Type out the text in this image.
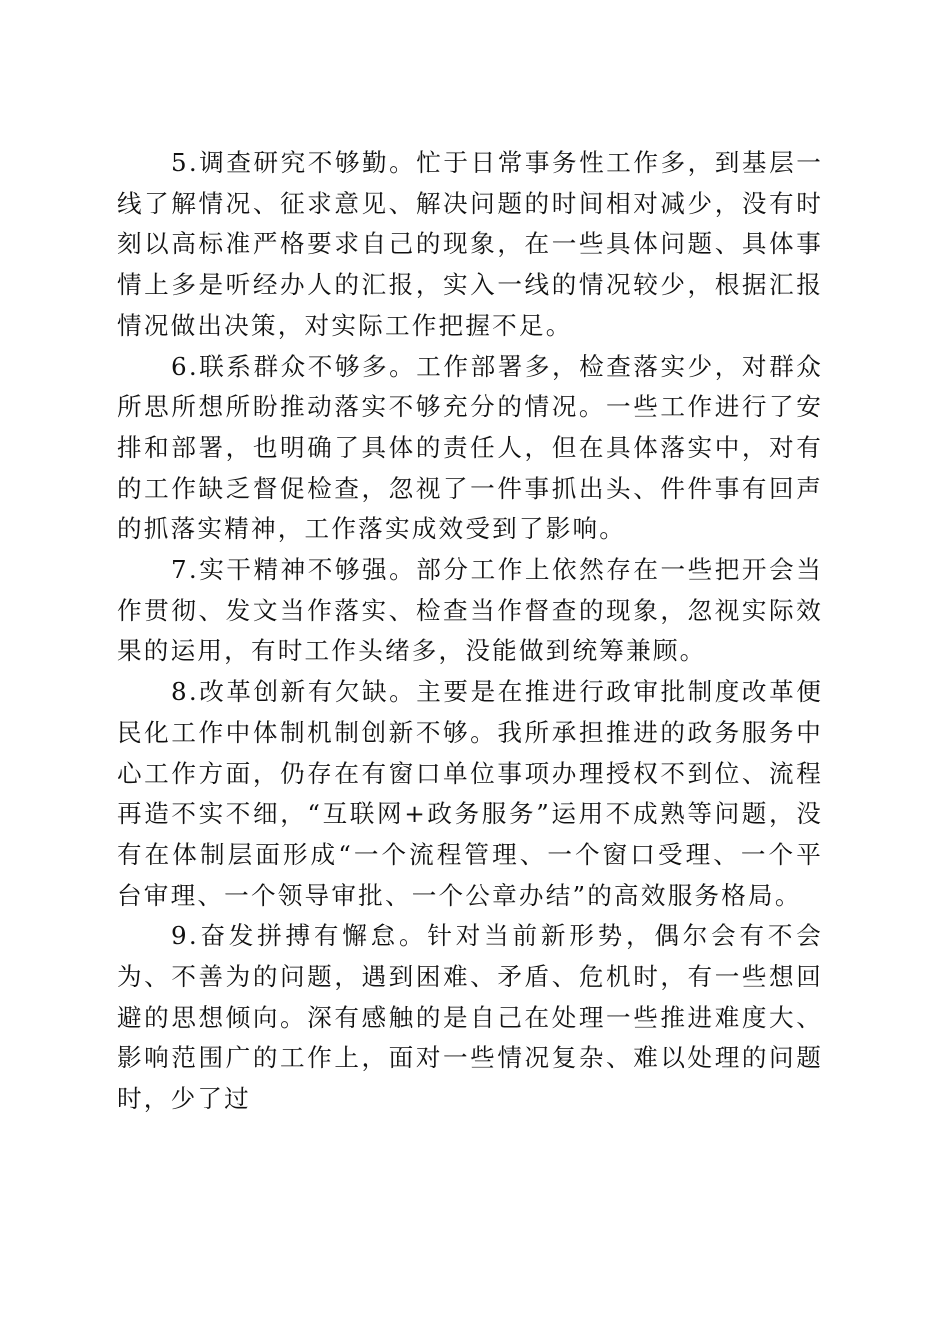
5.调查研究不够勤。忙于日常事务性工作多，到基层一线了解情况、征求意见、解决问题的时间相对减少，没有时刻以高标准严格要求自己的现象，在一些具体问题、具体事情上多是听经办人的汇报，实入一线的情况较少，根据汇报情况做出决策，对实际工作把握不足。

6.联系群众不够多。工作部署多，检查落实少，对群众所思所想所盼推动落实不够充分的情况。一些工作进行了安排和部署，也明确了具体的责任人，但在具体落实中，对有的工作缺乏督促检查，忽视了一件事抓出头、件件事有回声的抓落实精神，工作落实成效受到了影响。

7.实干精神不够强。部分工作上依然存在一些把开会当作贯彻、发文当作落实、检查当作督查的现象，忽视实际效果的运用，有时工作头绪多，没能做到统筹兼顾。

8.改革创新有欠缺。主要是在推进行政审批制度改革便民化工作中体制机制创新不够。我所承担推进的政务服务中心工作方面，仍存在有窗口单位事项办理授权不到位、流程再造不实不细，“互联网+政务服务”运用不成熟等问题，没有在体制层面形成“一个流程管理、一个窗口受理、一个平台审理、一个领导审批、一个公章办结”的高效服务格局。

9.奋发拼搏有懈怠。针对当前新形势，偶尔会有不会为、不善为的问题，遇到困难、矛盾、危机时，有一些想回避的思想倾向。深有感触的是自己在处理一些推进难度大、影响范围广的工作上，面对一些情况复杂、难以处理的问题时，少了过
